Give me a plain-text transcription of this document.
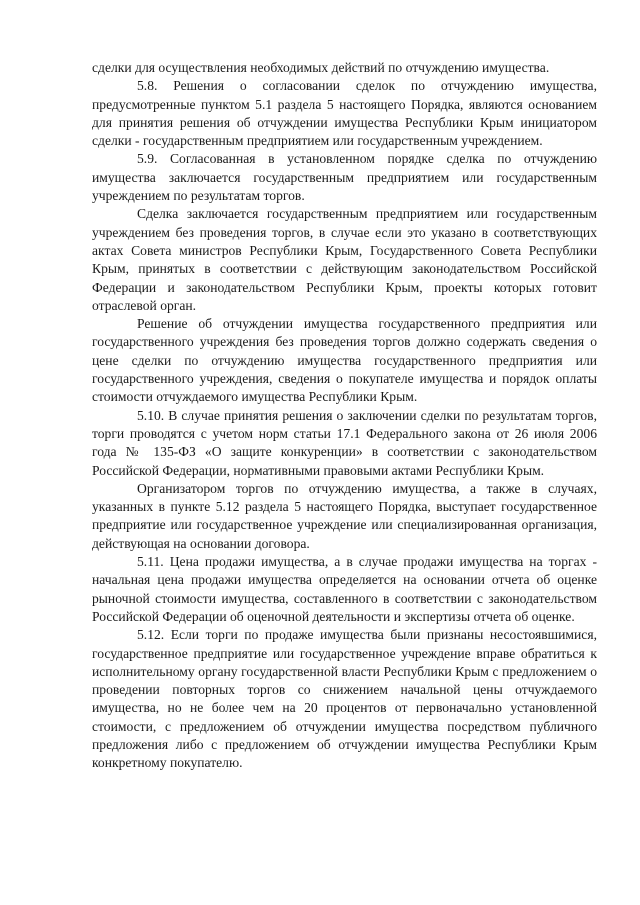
сделки для осуществления необходимых действий по отчуждению имущества.

5.8. Решения о согласовании сделок по отчуждению имущества, предусмотренные пунктом 5.1 раздела 5 настоящего Порядка, являются основанием для принятия решения об отчуждении имущества Республики Крым инициатором сделки - государственным предприятием или государственным учреждением.

5.9. Согласованная в установленном порядке сделка по отчуждению имущества заключается государственным предприятием или государственным учреждением по результатам торгов.

Сделка заключается государственным предприятием или государственным учреждением без проведения торгов, в случае если это указано в соответствующих актах Совета министров Республики Крым, Государственного Совета Республики Крым, принятых в соответствии с действующим законодательством Российской Федерации и законодательством Республики Крым, проекты которых готовит отраслевой орган.

Решение об отчуждении имущества государственного предприятия или государственного учреждения без проведения торгов должно содержать сведения о цене сделки по отчуждению имущества государственного предприятия или государственного учреждения, сведения о покупателе имущества и порядок оплаты стоимости отчуждаемого имущества Республики Крым.

5.10. В случае принятия решения о заключении сделки по результатам торгов, торги проводятся с учетом норм статьи 17.1 Федерального закона от 26 июля 2006 года № 135-ФЗ «О защите конкуренции» в соответствии с законодательством Российской Федерации, нормативными правовыми актами Республики Крым.

Организатором торгов по отчуждению имущества, а также в случаях, указанных в пункте 5.12 раздела 5 настоящего Порядка, выступает государственное предприятие или государственное учреждение или специализированная организация, действующая на основании договора.

5.11. Цена продажи имущества, а в случае продажи имущества на торгах - начальная цена продажи имущества определяется на основании отчета об оценке рыночной стоимости имущества, составленного в соответствии с законодательством Российской Федерации об оценочной деятельности и экспертизы отчета об оценке.

5.12. Если торги по продаже имущества были признаны несостоявшимися, государственное предприятие или государственное учреждение вправе обратиться к исполнительному органу государственной власти Республики Крым с предложением о проведении повторных торгов со снижением начальной цены отчуждаемого имущества, но не более чем на 20 процентов от первоначально установленной стоимости, с предложением об отчуждении имущества посредством публичного предложения либо с предложением об отчуждении имущества Республики Крым конкретному покупателю.
